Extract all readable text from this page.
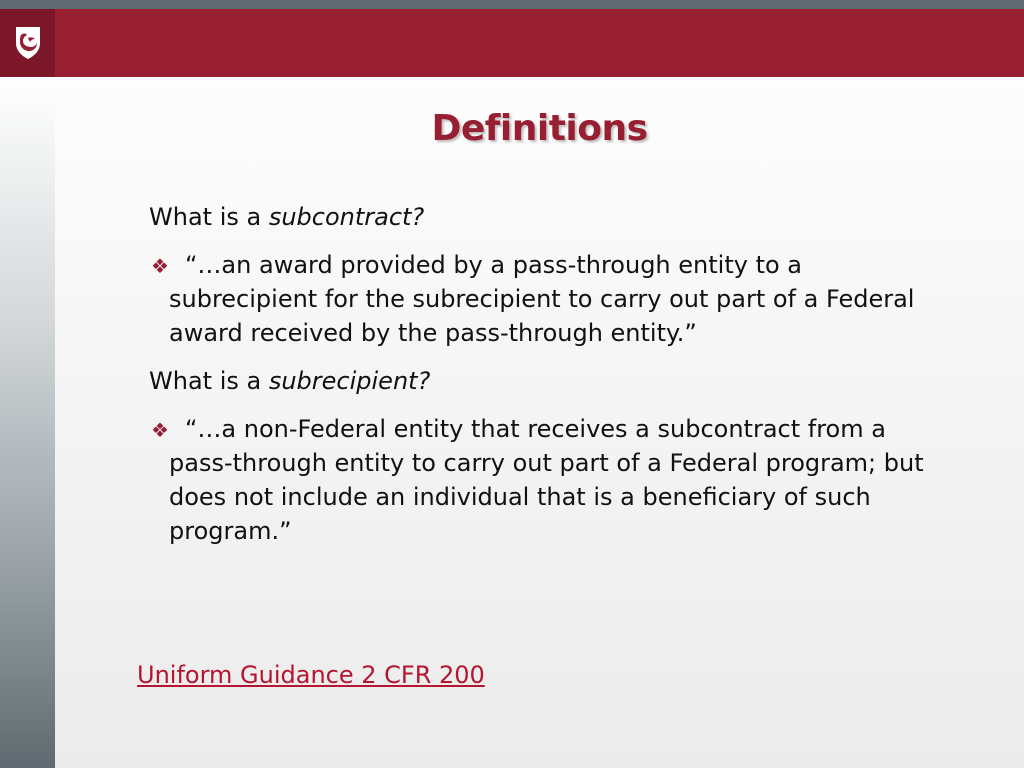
Definitions
What is a subcontract?
❖ “…an award provided by a pass-through entity to a subrecipient for the subrecipient to carry out part of a Federal award received by the pass-through entity.”
What is a subrecipient?
❖ “…a non-Federal entity that receives a subcontract from a pass-through entity to carry out part of a Federal program; but does not include an individual that is a beneficiary of such program.”
Uniform Guidance 2 CFR 200
